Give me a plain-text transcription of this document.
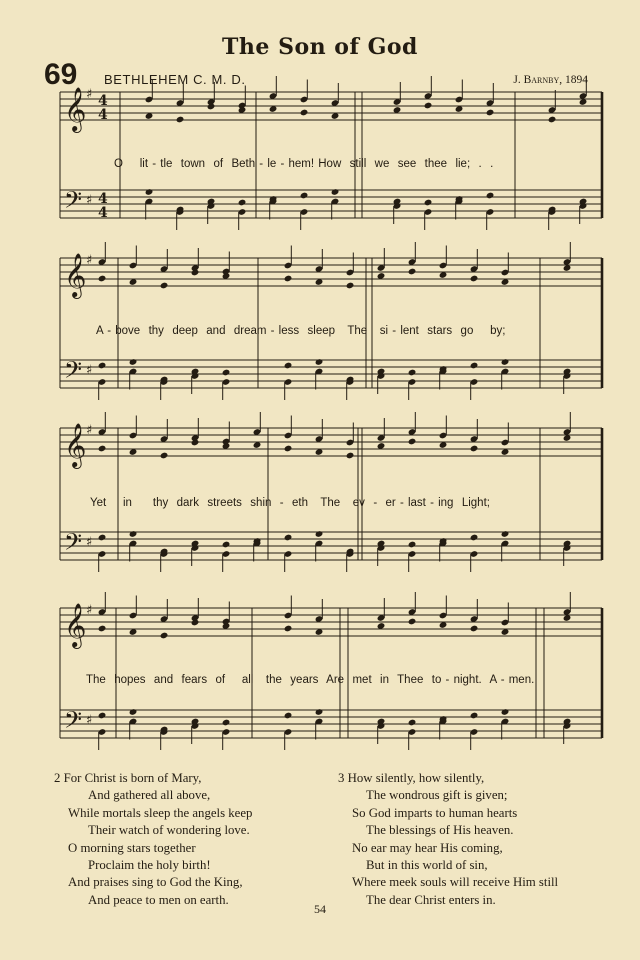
The Son of God
69 BETHLEHEM C. M. D.	J. Barnby, 1894
𝄞 ♯ 4
4
𝄢 ♯ 4
4
𝄞 ♯
𝄢 ♯
𝄞 ♯
𝄢 ♯
𝄞 ♯
𝄢 ♯
O    lit - tle  town  of  Beth - le - hem! How  still  we  see  thee  lie;  .  .
A - bove  thy  deep  and  dream - less  sleep   The   si - lent  stars  go    by;
Yet    in     thy  dark  streets  shin  -  eth   The   ev  -  er - last - ing  Light;
The  hopes  and  fears  of    all   the  years  Are  met  in  Thee  to - night.  A - men.
2 For Christ is born of Mary,
And gathered all above,
While mortals sleep the angels keep
Their watch of wondering love.
O morning stars together
Proclaim the holy birth!
And praises sing to God the King,
And peace to men on earth.
3 How silently, how silently,
The wondrous gift is given;
So God imparts to human hearts
The blessings of His heaven.
No ear may hear His coming,
But in this world of sin,
Where meek souls will receive Him still
The dear Christ enters in.
54
